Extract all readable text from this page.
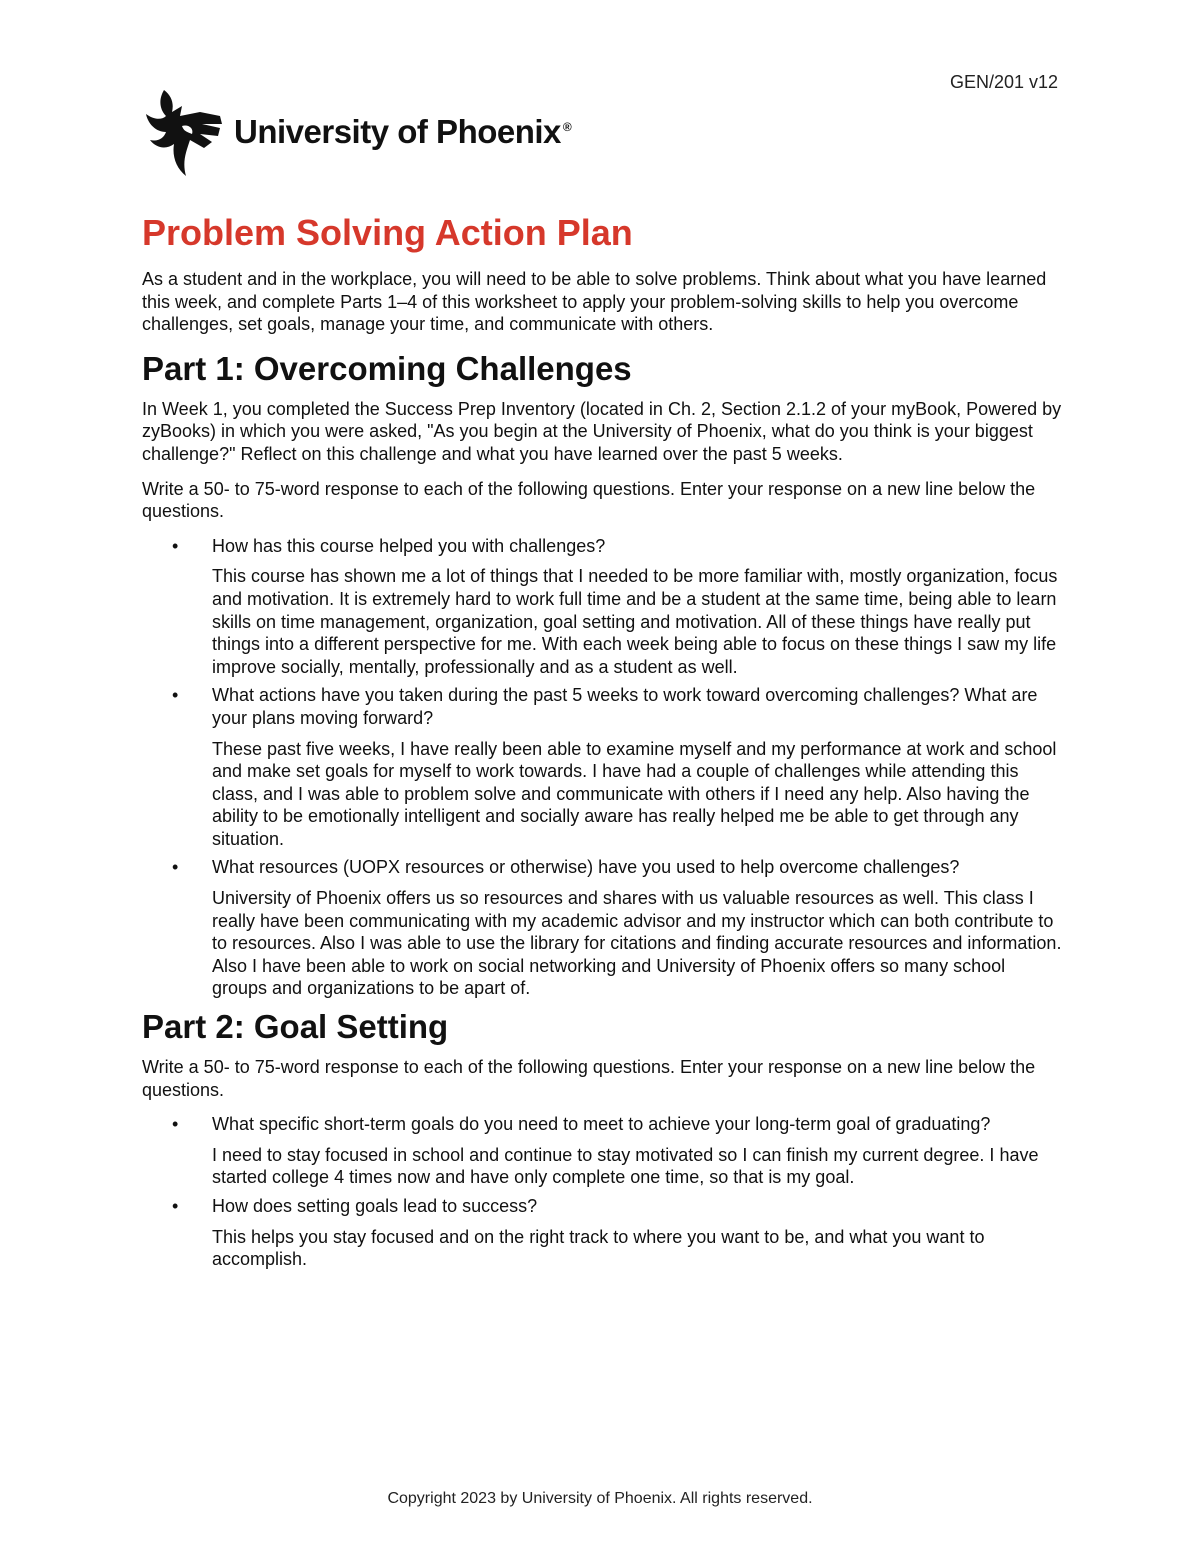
GEN/201 v12
University of Phoenix ®
Problem Solving Action Plan

As a student and in the workplace, you will need to be able to solve problems. Think about what you have learned this week, and complete Parts 1–4 of this worksheet to apply your problem-solving skills to help you overcome challenges, set goals, manage your time, and communicate with others.

Part 1: Overcoming Challenges

In Week 1, you completed the Success Prep Inventory (located in Ch. 2, Section 2.1.2 of your myBook, Powered by zyBooks) in which you were asked, "As you begin at the University of Phoenix, what do you think is your biggest challenge?" Reflect on this challenge and what you have learned over the past 5 weeks.

Write a 50- to 75-word response to each of the following questions. Enter your response on a new line below the questions.

• How has this course helped you with challenges?
This course has shown me a lot of things that I needed to be more familiar with, mostly organization, focus and motivation. It is extremely hard to work full time and be a student at the same time, being able to learn skills on time management, organization, goal setting and motivation. All of these things have really put things into a different perspective for me. With each week being able to focus on these things I saw my life improve socially, mentally, professionally and as a student as well.
• What actions have you taken during the past 5 weeks to work toward overcoming challenges? What are your plans moving forward?
These past five weeks, I have really been able to examine myself and my performance at work and school and make set goals for myself to work towards. I have had a couple of challenges while attending this class, and I was able to problem solve and communicate with others if I need any help. Also having the ability to be emotionally intelligent and socially aware has really helped me be able to get through any situation.
• What resources (UOPX resources or otherwise) have you used to help overcome challenges?
University of Phoenix offers us so resources and shares with us valuable resources as well. This class I really have been communicating with my academic advisor and my instructor which can both contribute to to resources. Also I was able to use the library for citations and finding accurate resources and information. Also I have been able to work on social networking and University of Phoenix offers so many school groups and organizations to be apart of.
Part 2: Goal Setting

Write a 50- to 75-word response to each of the following questions. Enter your response on a new line below the questions.

• What specific short-term goals do you need to meet to achieve your long-term goal of graduating?
I need to stay focused in school and continue to stay motivated so I can finish my current degree. I have started college 4 times now and have only complete one time, so that is my goal.
• How does setting goals lead to success?
This helps you stay focused and on the right track to where you want to be, and what you want to accomplish.
Copyright 2023 by University of Phoenix. All rights reserved.
